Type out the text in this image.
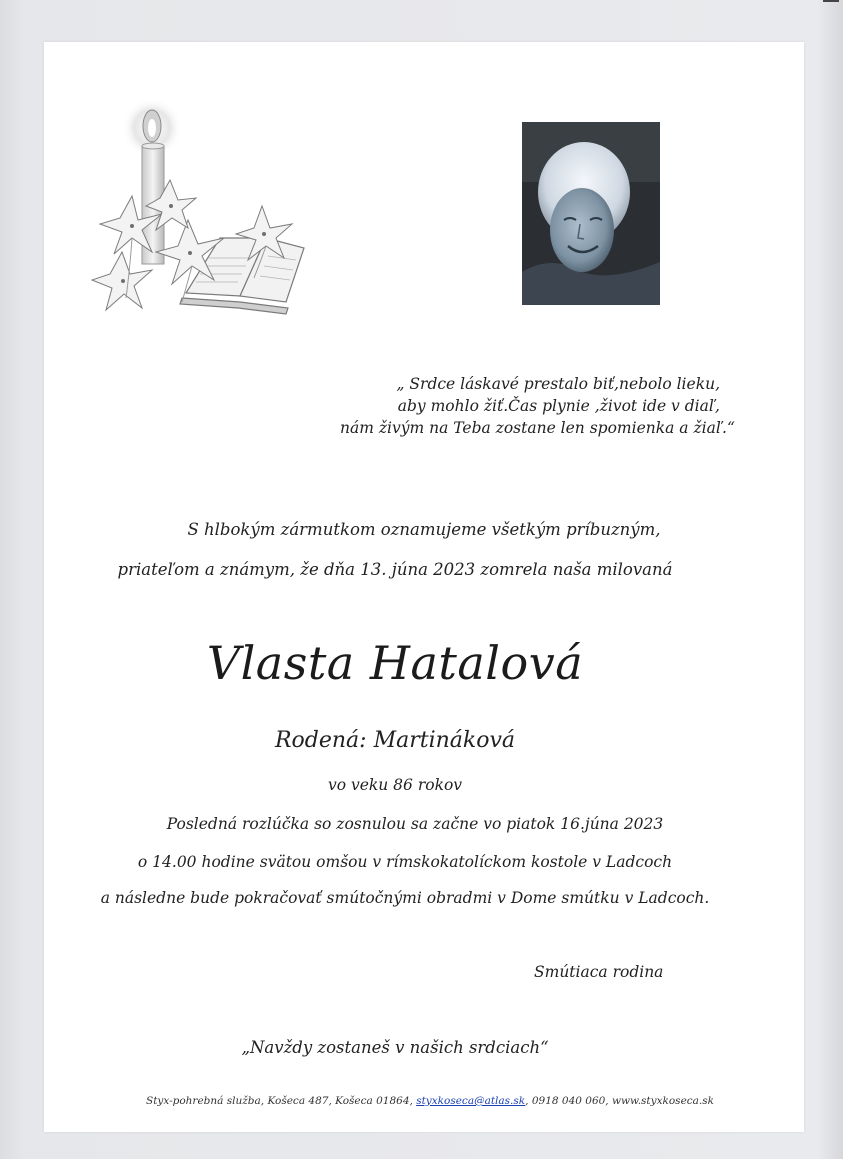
„ Srdce láskavé prestalo biť,nebolo lieku,
aby mohlo žiť.Čas plynie ,život ide v diaľ,
nám živým na Teba zostane len spomienka a žiaľ.“
S hlbokým zármutkom oznamujeme všetkým príbuzným,
priateľom a známym, že dňa 13. júna 2023 zomrela naša milovaná
Vlasta Hatalová
Rodená: Martináková
vo veku 86 rokov
Posledná rozlúčka so zosnulou sa začne vo piatok 16.júna 2023
o 14.00 hodine svätou omšou v rímskokatolíckom kostole v Ladcoch
a následne bude pokračovať smútočnými obradmi v Dome smútku v Ladcoch.
Smútiaca rodina
„Navždy zostaneš v našich srdciach“
Styx-pohrebná služba, Košeca 487, Košeca 01864, styxkoseca@atlas.sk, 0918 040 060, www.styxkoseca.sk
